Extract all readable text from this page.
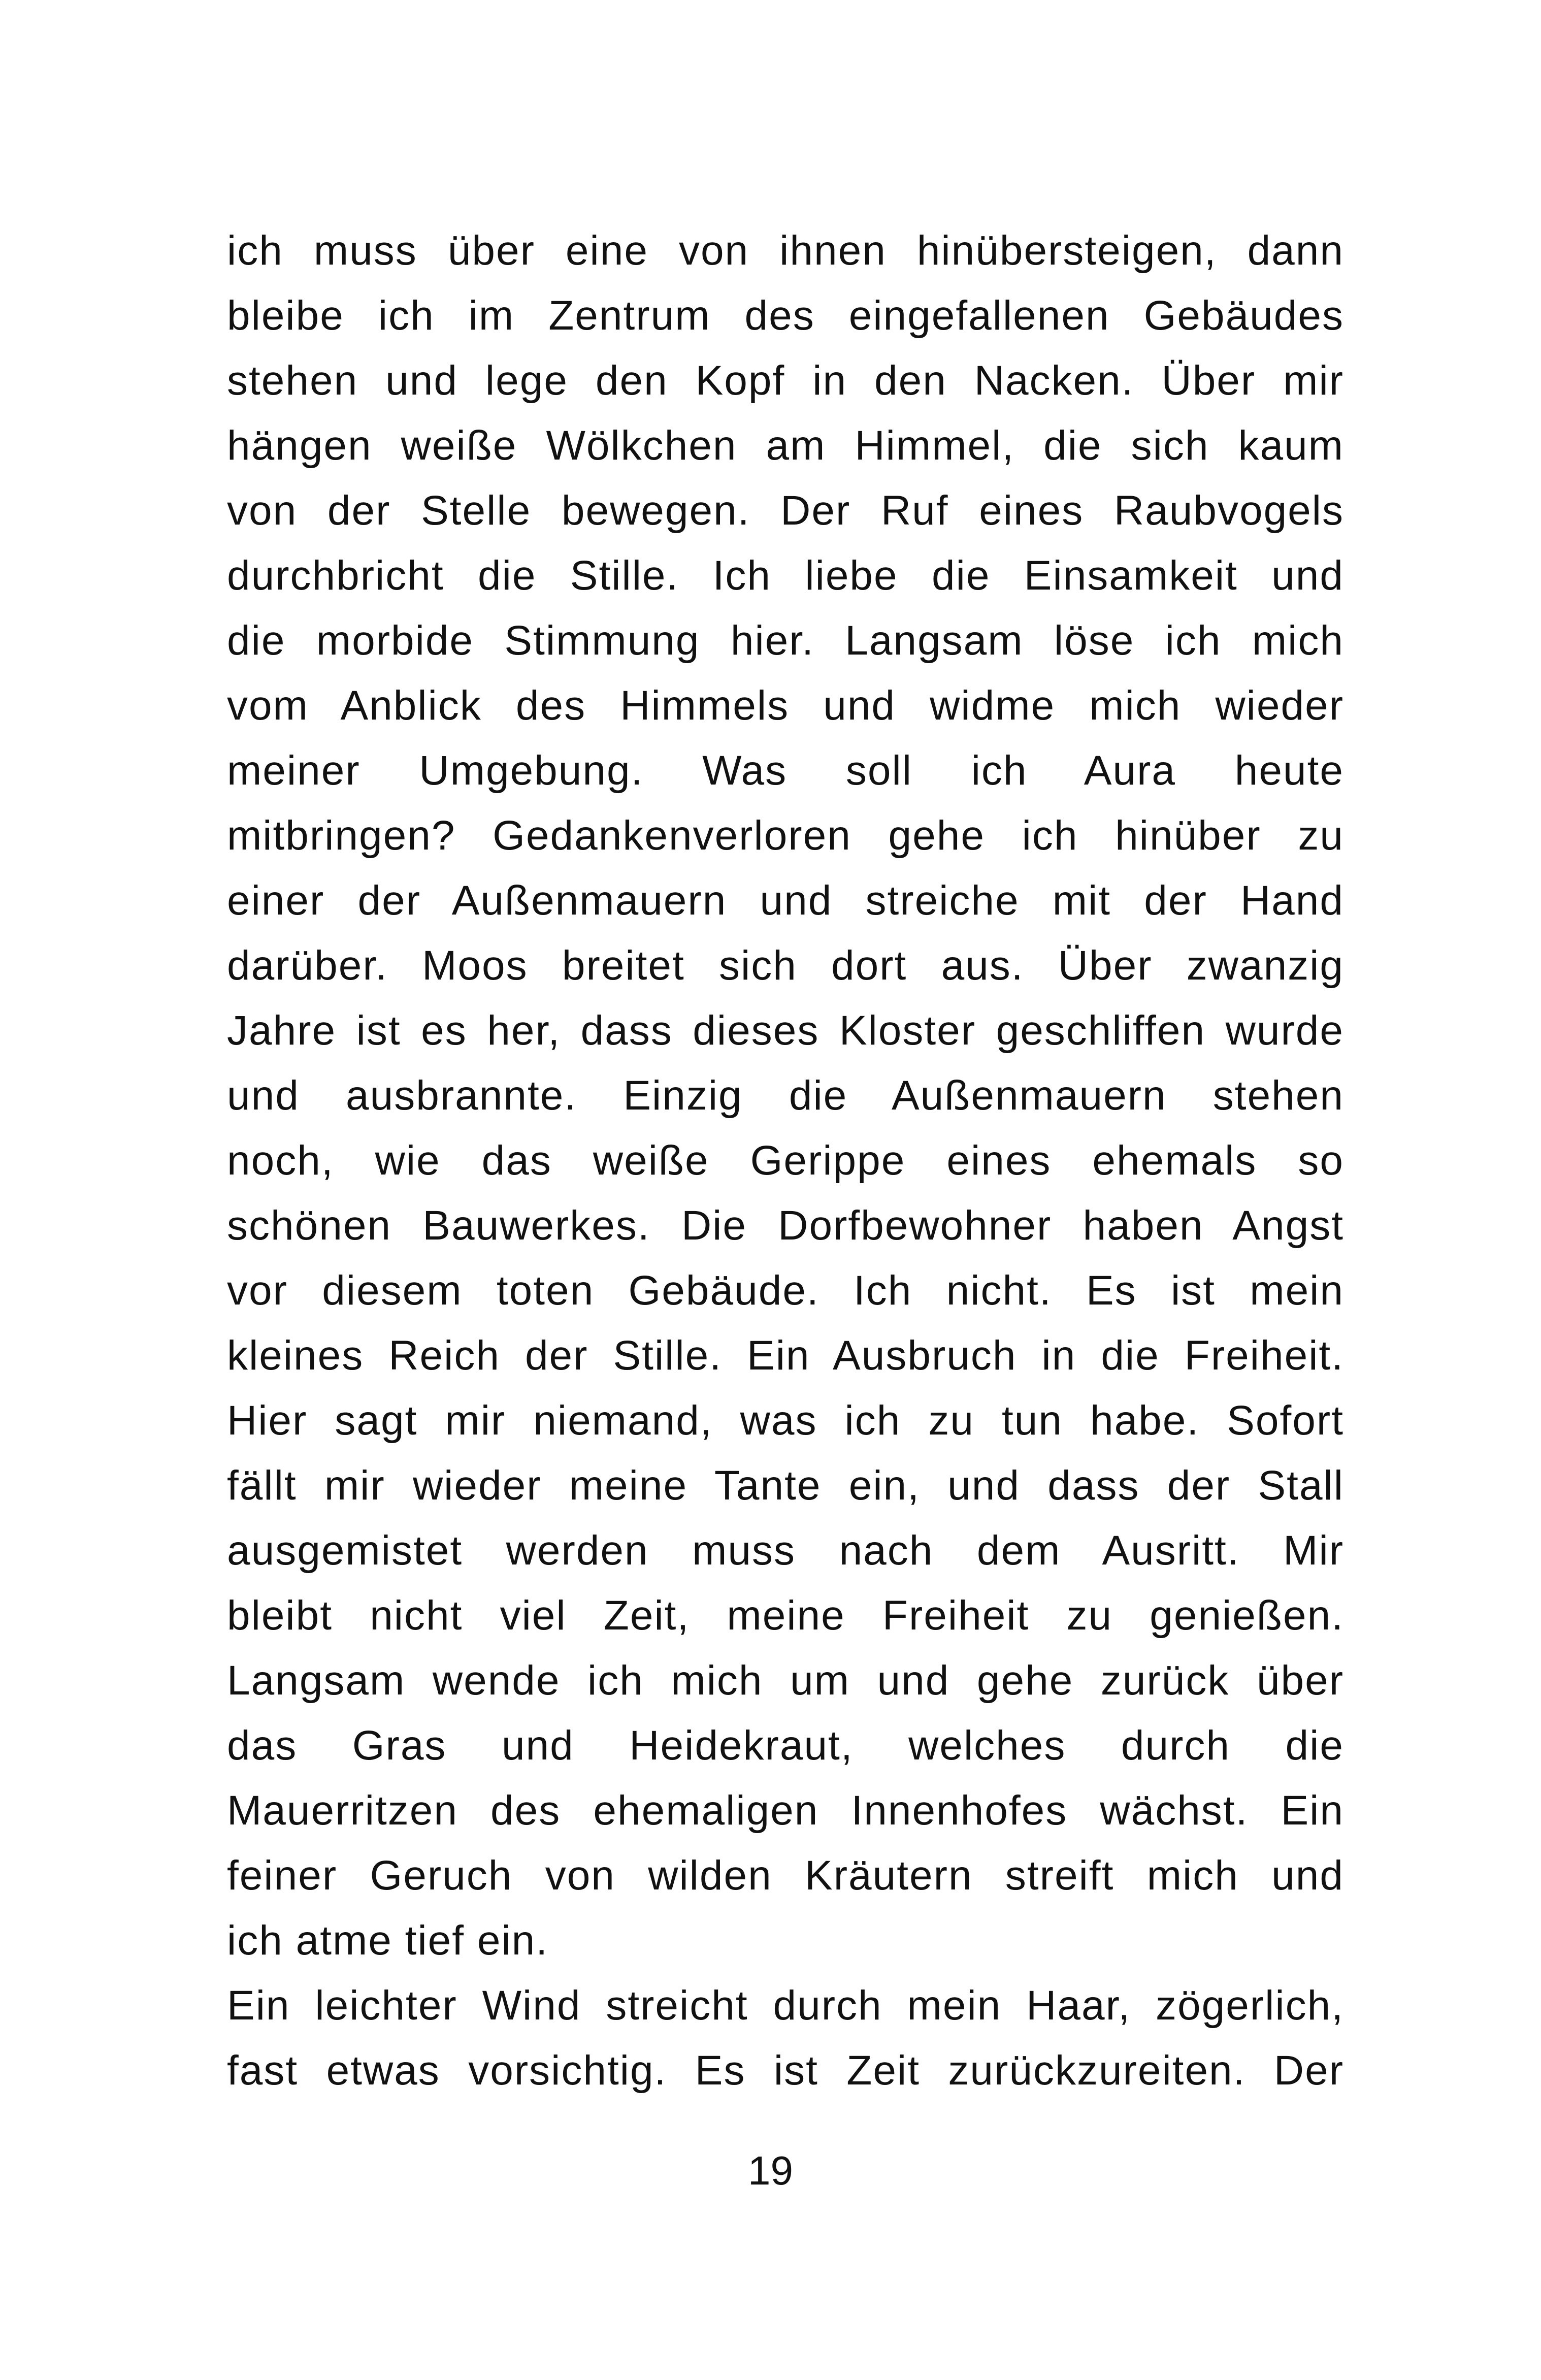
ich muss über eine von ihnen hinübersteigen, dann
bleibe ich im Zentrum des eingefallenen Gebäudes
stehen und lege den Kopf in den Nacken. Über mir
hängen weiße Wölkchen am Himmel, die sich kaum
von der Stelle bewegen. Der Ruf eines Raubvogels
durchbricht die Stille. Ich liebe die Einsamkeit und
die morbide Stimmung hier. Langsam löse ich mich
vom Anblick des Himmels und widme mich wieder
meiner Umgebung. Was soll ich Aura heute
mitbringen? Gedankenverloren gehe ich hinüber zu
einer der Außenmauern und streiche mit der Hand
darüber. Moos breitet sich dort aus. Über zwanzig
Jahre ist es her, dass dieses Kloster geschliffen wurde
und ausbrannte. Einzig die Außenmauern stehen
noch, wie das weiße Gerippe eines ehemals so
schönen Bauwerkes. Die Dorfbewohner haben Angst
vor diesem toten Gebäude. Ich nicht. Es ist mein
kleines Reich der Stille. Ein Ausbruch in die Freiheit.
Hier sagt mir niemand, was ich zu tun habe. Sofort
fällt mir wieder meine Tante ein, und dass der Stall
ausgemistet werden muss nach dem Ausritt. Mir
bleibt nicht viel Zeit, meine Freiheit zu genießen.
Langsam wende ich mich um und gehe zurück über
das Gras und Heidekraut, welches durch die
Mauerritzen des ehemaligen Innenhofes wächst. Ein
feiner Geruch von wilden Kräutern streift mich und
ich atme tief ein.
Ein leichter Wind streicht durch mein Haar, zögerlich,
fast etwas vorsichtig. Es ist Zeit zurückzureiten. Der
19
